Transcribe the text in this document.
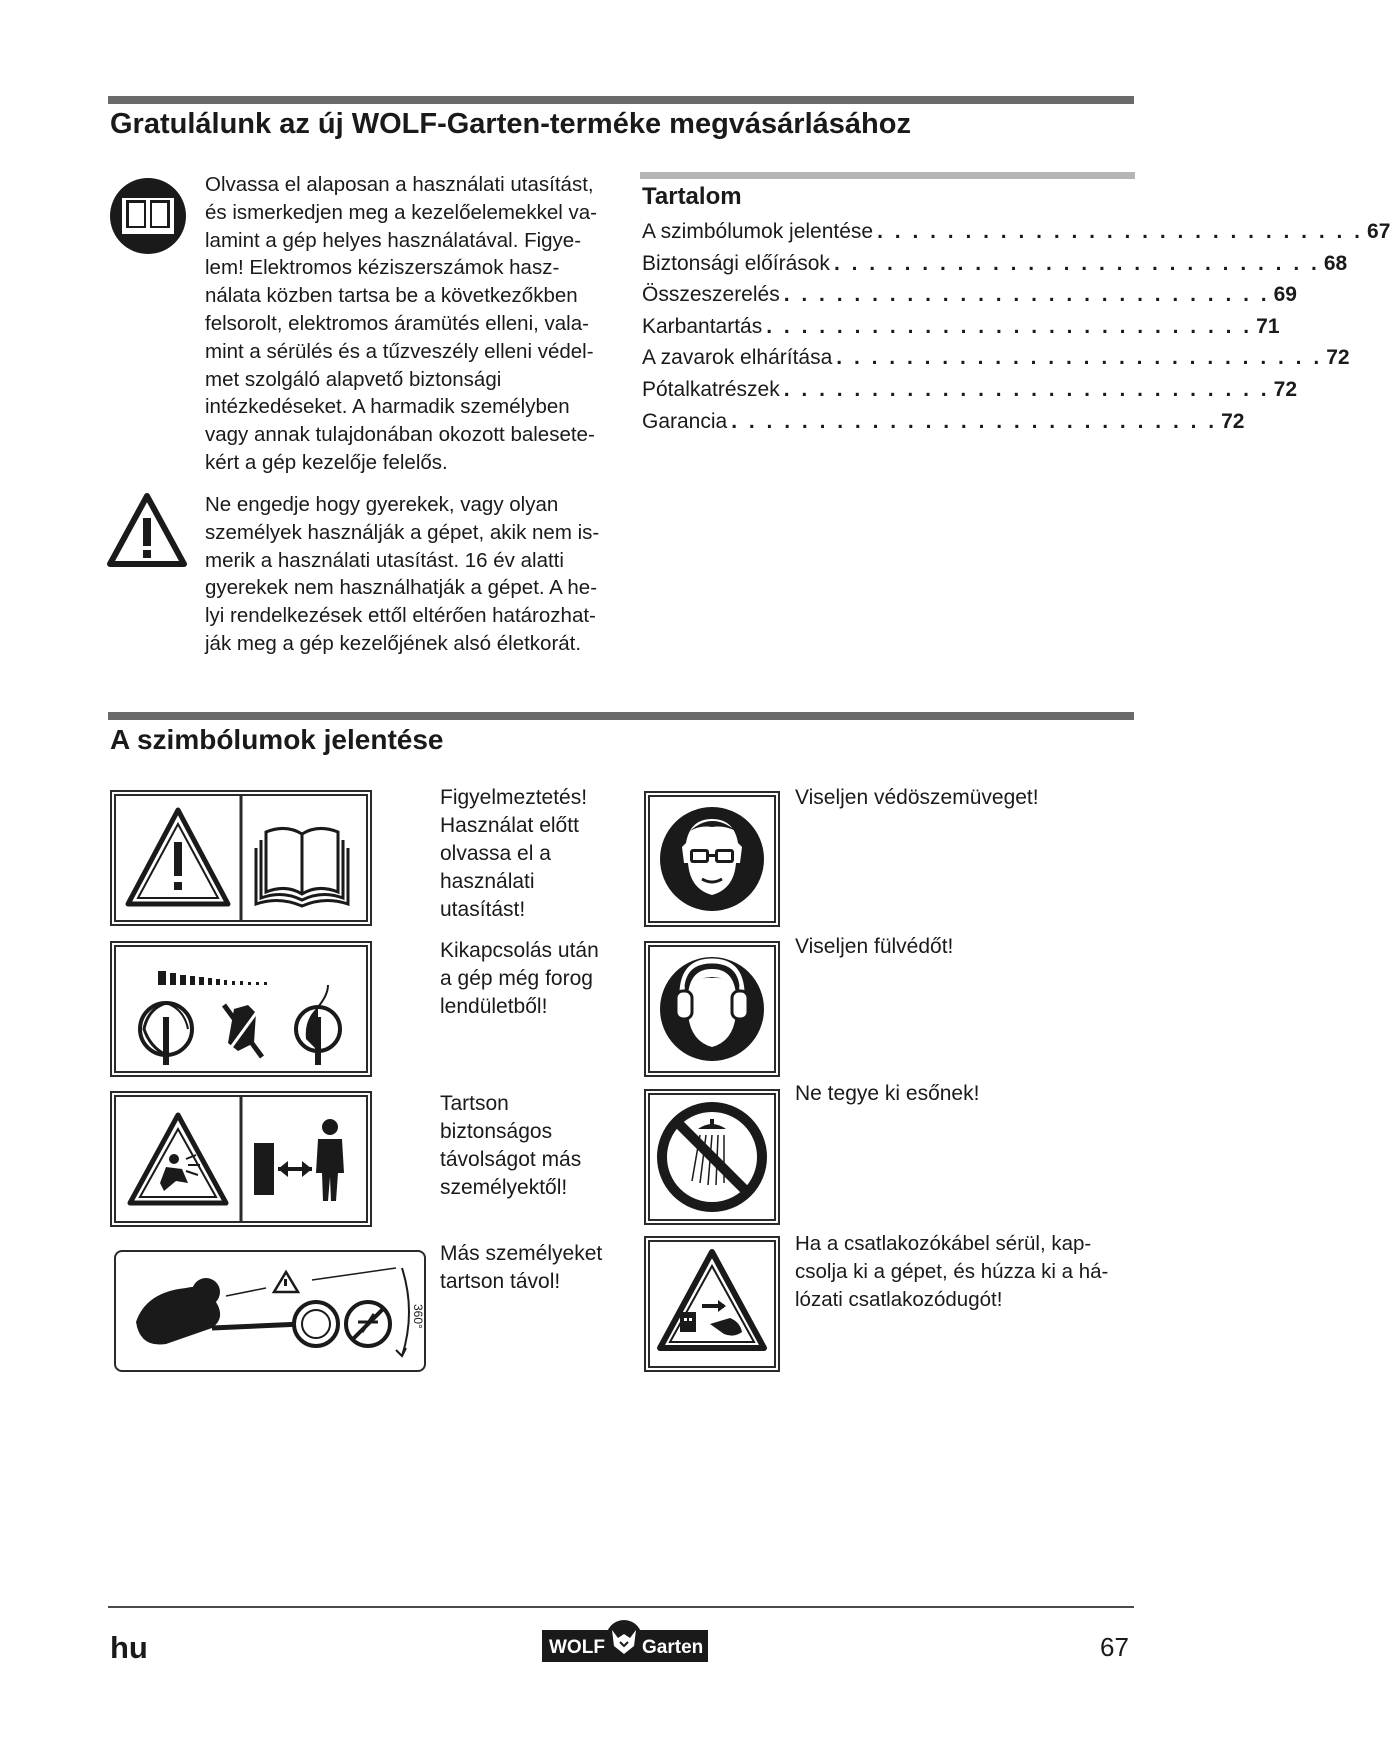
Gratulálunk az új WOLF-Garten-terméke megvásárlásához

Olvassa el alaposan a használati utasítást,
és ismerkedjen meg a kezelőelemekkel va-
lamint a gép helyes használatával. Figye-
lem! Elektromos kéziszerszámok hasz-
nálata közben tartsa be a következőkben
felsorolt, elektromos áramütés elleni, vala-
mint a sérülés és a tűzveszély elleni védel-
met szolgáló alapvető biztonsági
intézkedéseket. A harmadik személyben
vagy annak tulajdonában okozott balesete-
kért a gép kezelője felelős.

Ne engedje hogy gyerekek, vagy olyan
személyek használják a gépet, akik nem is-
merik a használati utasítást. 16 év alatti
gyerekek nem használhatják a gépet. A he-
lyi rendelkezések ettől eltérően határozhat-
ják meg a gép kezelőjének alsó életkorát.

Tartalom
A szimbólumok jelentése . . . . . . . . . . . . . . . . . . . . . . . . . . . . 67
Biztonsági előírások . . . . . . . . . . . . . . . . . . . . . . . . . . . . 68
Összeszerelés . . . . . . . . . . . . . . . . . . . . . . . . . . . . 69
Karbantartás . . . . . . . . . . . . . . . . . . . . . . . . . . . . 71
A zavarok elhárítása . . . . . . . . . . . . . . . . . . . . . . . . . . . . 72
Pótalkatrészek . . . . . . . . . . . . . . . . . . . . . . . . . . . . 72
Garancia . . . . . . . . . . . . . . . . . . . . . . . . . . . . 72
A szimbólumok jelentése

Figyelmeztetés!
Használat előtt
olvassa el a
használati
utasítást!

Kikapcsolás után
a gép még forog
lendületből!

Tartson
biztonságos
távolságot más
személyektől!

360°

Más személyeket
tartson távol!

Viseljen védöszemüveget!

Viseljen fülvédőt!

Ne tegye ki esőnek!

Ha a csatlakozókábel sérül, kap-
csolja ki a gépet, és húzza ki a há-
lózati csatlakozódugót!

hu	WOLF Garten	67
